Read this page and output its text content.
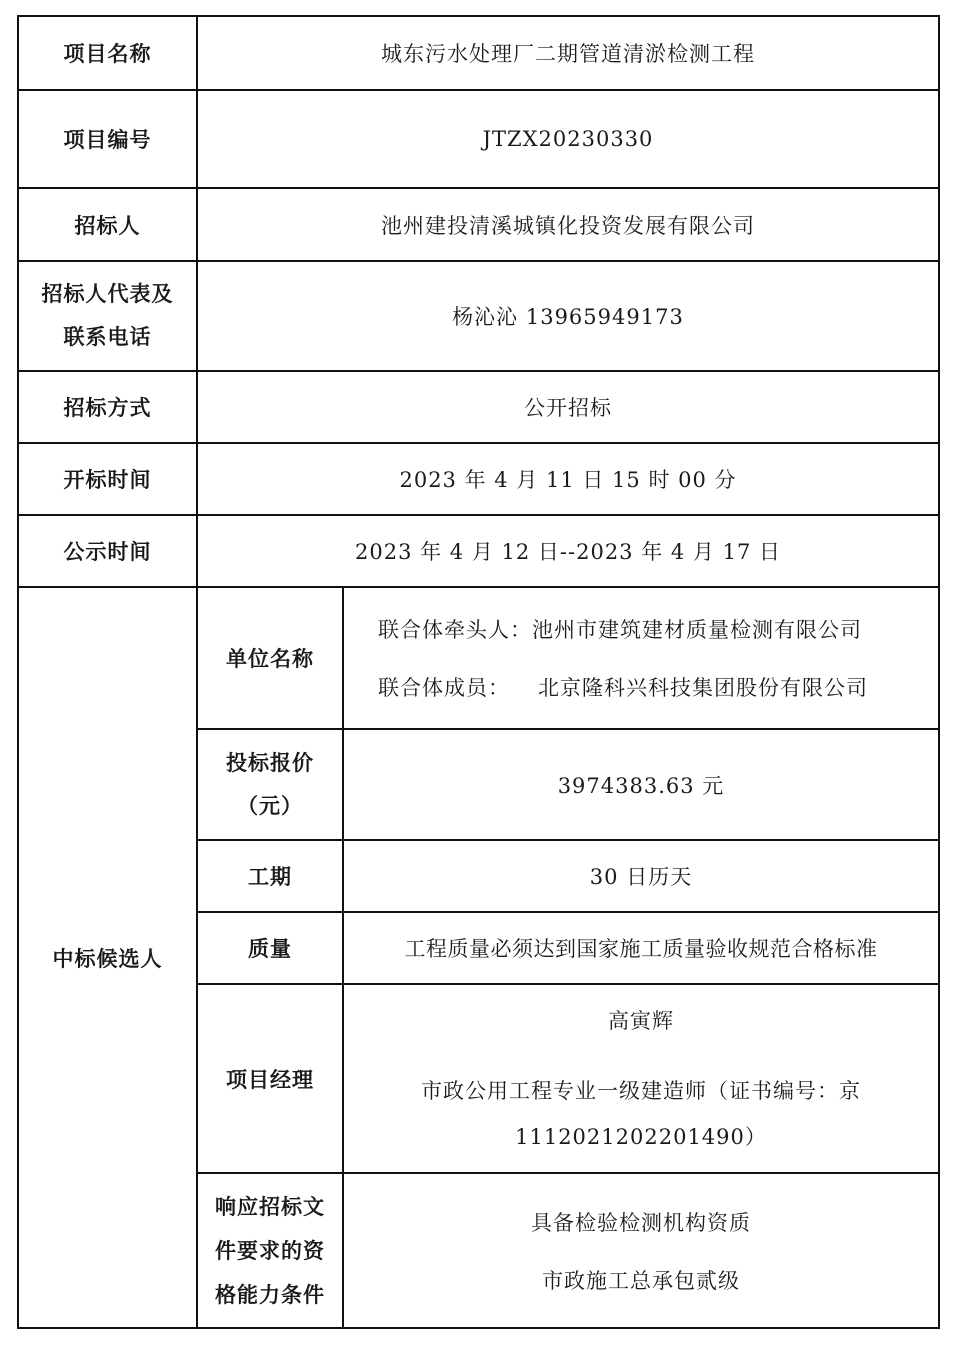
项目名称	城东污水处理厂二期管道清淤检测工程	
项目编号	JTZX20230330	
招标人	池州建投清溪城镇化投资发展有限公司	

招标人代表及
联系电话	杨沁沁 13965949173	
招标方式	公开招标	
开标时间	2023 年 4 月 11 日 15 时 00 分	
公示时间	2023 年 4 月 12 日--2023 年 4 月 17 日	
中标候选人	单位名称	联合体牵头人：池州市建筑建材质量检测有限公司
联合体成员： 北京隆科兴科技集团股份有限公司

	投标报价
（元）	3974383.63 元
	工期	30 日历天
	质量	工程质量必须达到国家施工质量验收规范合格标准
	项目经理	高寅辉
市政公用工程专业一级建造师（证书编号：京
1112021202201490）

	响应招标文
件要求的资
格能力条件	具备检验检测机构资质
市政施工总承包贰级
